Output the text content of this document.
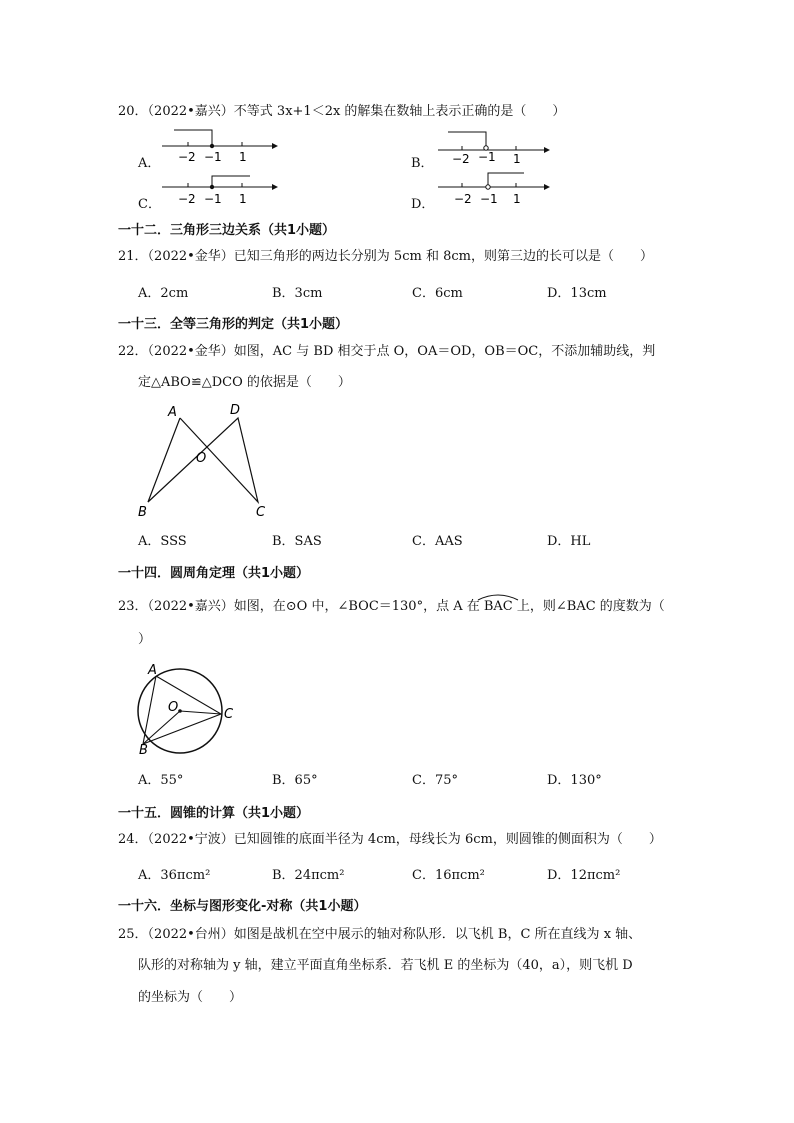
20．（2022•嘉兴）不等式 3x+1＜2x 的解集在数轴上表示正确的是（　　）
A． −2 −1 1	B． −2 −1 1
C． −2 −1 1	D． −2 −1 1
一十二．三角形三边关系（共1小题）
21．（2022•金华）已知三角形的两边长分别为 5cm 和 8cm，则第三边的长可以是（　　）
A．2cm	B．3cm	C．6cm	D．13cm
一十三．全等三角形的判定（共1小题）
22．（2022•金华）如图，AC 与 BD 相交于点 O，OA＝OD，OB＝OC，不添加辅助线，判
定△ABO≌△DCO 的依据是（　　）
A	D
O
B	C
A．SSS	B．SAS	C．AAS	D．HL
一十四．圆周角定理（共1小题）
23．（2022•嘉兴）如图，在⊙O 中，∠BOC＝130°，点 A 在 BAC 上，则∠BAC 的度数为（
）
A
O	C
B
A．55°	B．65°	C．75°	D．130°
一十五．圆锥的计算（共1小题）
24．（2022•宁波）已知圆锥的底面半径为 4cm，母线长为 6cm，则圆锥的侧面积为（　　）
A．36πcm²	B．24πcm²	C．16πcm²	D．12πcm²
一十六．坐标与图形变化-对称（共1小题）
25．（2022•台州）如图是战机在空中展示的轴对称队形．以飞机 B，C 所在直线为 x 轴、
队形的对称轴为 y 轴，建立平面直角坐标系．若飞机 E 的坐标为（40，a），则飞机 D
的坐标为（　　）
